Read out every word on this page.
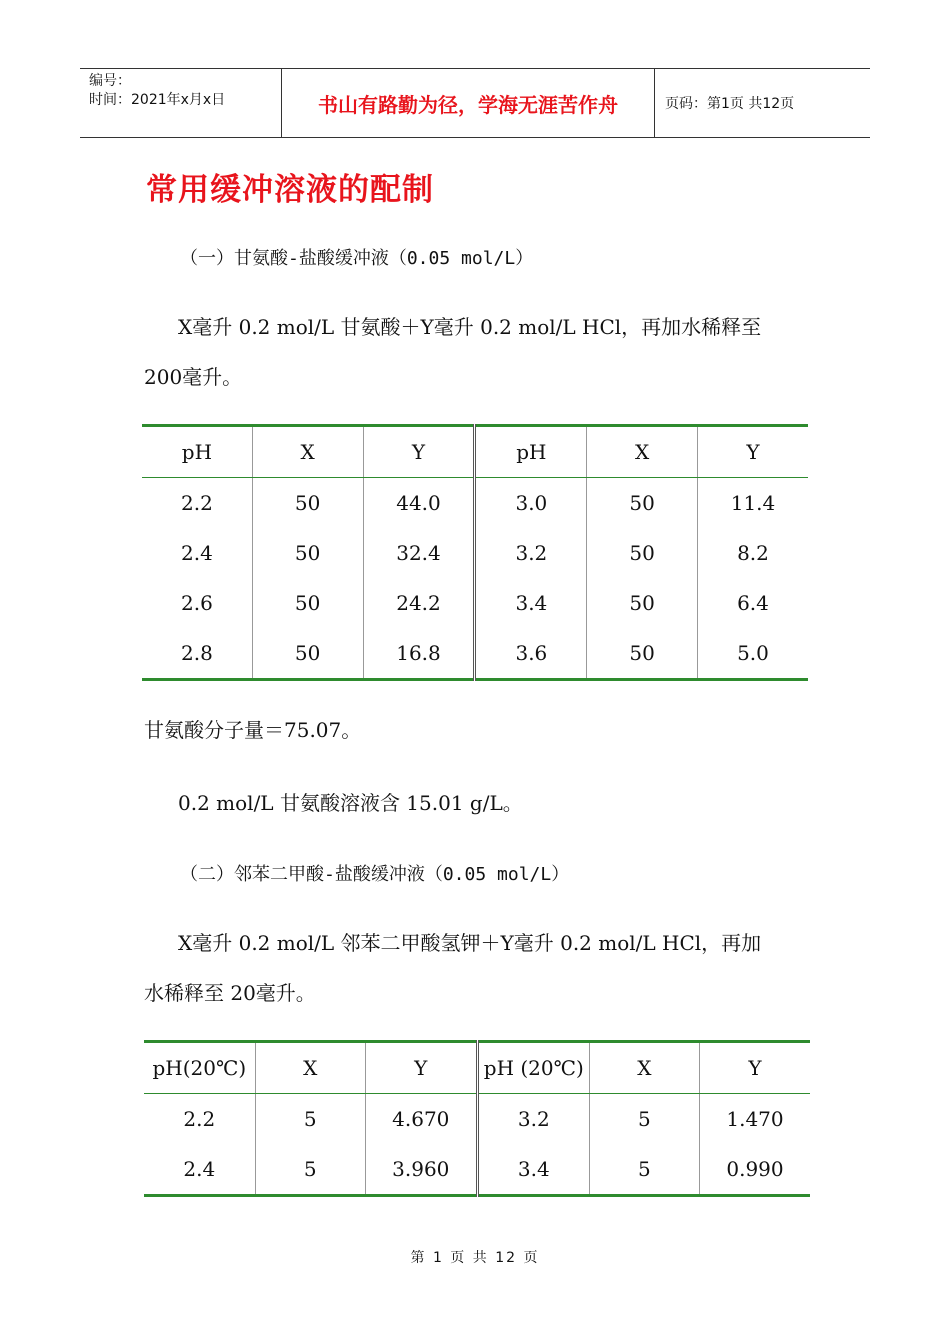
编号：
时间：2021年x月x日	书山有路勤为径，学海无涯苦作舟	页码：第1页 共12页
常用缓冲溶液的配制
（一）甘氨酸-盐酸缓冲液（0.05 mol/L）
X毫升 0.2 mol/L 甘氨酸＋Y毫升 0.2 mol/L HCl，再加水稀释至
200毫升。
pH	X	Y	pH	X	Y
2.2	50	44.0	3.0	50	11.4
2.4	50	32.4	3.2	50	8.2
2.6	50	24.2	3.4	50	6.4
2.8	50	16.8	3.6	50	5.0
甘氨酸分子量＝75.07。
0.2 mol/L 甘氨酸溶液含 15.01 g/L。
（二）邻苯二甲酸-盐酸缓冲液（0.05 mol/L）
X毫升 0.2 mol/L 邻苯二甲酸氢钾＋Y毫升 0.2 mol/L HCl，再加
水稀释至 20毫升。
pH(20℃)	X	Y	pH (20℃)	X	Y
2.2	5	4.670	3.2	5	1.470
2.4	5	3.960	3.4	5	0.990
第 1 页 共 12 页
